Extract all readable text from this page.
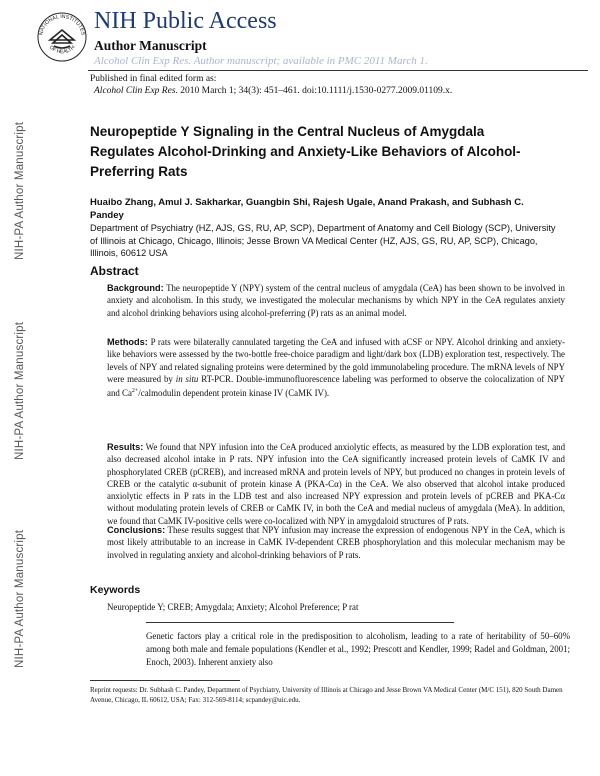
NIH-PA Author Manuscript
NIH-PA Author Manuscript
NIH-PA Author Manuscript
NATIONAL INSTITUTES
OF HEALTH
NIH Public Access
Author Manuscript
Alcohol Clin Exp Res. Author manuscript; available in PMC 2011 March 1.
Published in final edited form as:
Alcohol Clin Exp Res. 2010 March 1; 34(3): 451–461. doi:10.1111/j.1530-0277.2009.01109.x.
Neuropeptide Y Signaling in the Central Nucleus of Amygdala Regulates Alcohol-Drinking and Anxiety-Like Behaviors of Alcohol-Preferring Rats
Huaibo Zhang, Amul J. Sakharkar, Guangbin Shi, Rajesh Ugale, Anand Prakash, and Subhash C. Pandey
Department of Psychiatry (HZ, AJS, GS, RU, AP, SCP), Department of Anatomy and Cell Biology (SCP), University of Illinois at Chicago, Chicago, Illinois; Jesse Brown VA Medical Center (HZ, AJS, GS, RU, AP, SCP), Chicago, Illinois, 60612 USA
Abstract
Background: The neuropeptide Y (NPY) system of the central nucleus of amygdala (CeA) has been shown to be involved in anxiety and alcoholism. In this study, we investigated the molecular mechanisms by which NPY in the CeA regulates anxiety and alcohol drinking behaviors using alcohol-preferring (P) rats as an animal model.
Methods: P rats were bilaterally cannulated targeting the CeA and infused with aCSF or NPY. Alcohol drinking and anxiety-like behaviors were assessed by the two-bottle free-choice paradigm and light/dark box (LDB) exploration test, respectively. The levels of NPY and related signaling proteins were determined by the gold immunolabeling procedure. The mRNA levels of NPY were measured by in situ RT-PCR. Double-immunofluorescence labeling was performed to observe the colocalization of NPY and $Ca^{2+}$/calmodulin dependent protein kinase IV (CaMK IV).
Results: We found that NPY infusion into the CeA produced anxiolytic effects, as measured by the LDB exploration test, and also decreased alcohol intake in P rats. NPY infusion into the CeA significantly increased protein levels of CaMK IV and phosphorylated CREB (pCREB), and increased mRNA and protein levels of NPY, but produced no changes in protein levels of CREB or the catalytic α-subunit of protein kinase A (PKA-Cα) in the CeA. We also observed that alcohol intake produced anxiolytic effects in P rats in the LDB test and also increased NPY expression and protein levels of pCREB and PKA-Cα without modulating protein levels of CREB or CaMK IV, in both the CeA and medial nucleus of amygdala (MeA). In addition, we found that CaMK IV-positive cells were co-localized with NPY in amygdaloid structures of P rats.
Conclusions: These results suggest that NPY infusion may increase the expression of endogenous NPY in the CeA, which is most likely attributable to an increase in CaMK IV-dependent CREB phosphorylation and this molecular mechanism may be involved in regulating anxiety and alcohol-drinking behaviors of P rats.
Keywords
Neuropeptide Y; CREB; Amygdala; Anxiety; Alcohol Preference; P rat
Genetic factors play a critical role in the predisposition to alcoholism, leading to a rate of heritability of 50–60% among both male and female populations (Kendler et al., 1992; Prescott and Kendler, 1999; Radel and Goldman, 2001; Enoch, 2003). Inherent anxiety also
Reprint requests: Dr. Subhash C. Pandey, Department of Psychiatry, University of Illinois at Chicago and Jesse Brown VA Medical Center (M/C 151), 820 South Damen Avenue, Chicago, IL 60612, USA; Fax: 312-569-8114; scpandey@uic.edu.
